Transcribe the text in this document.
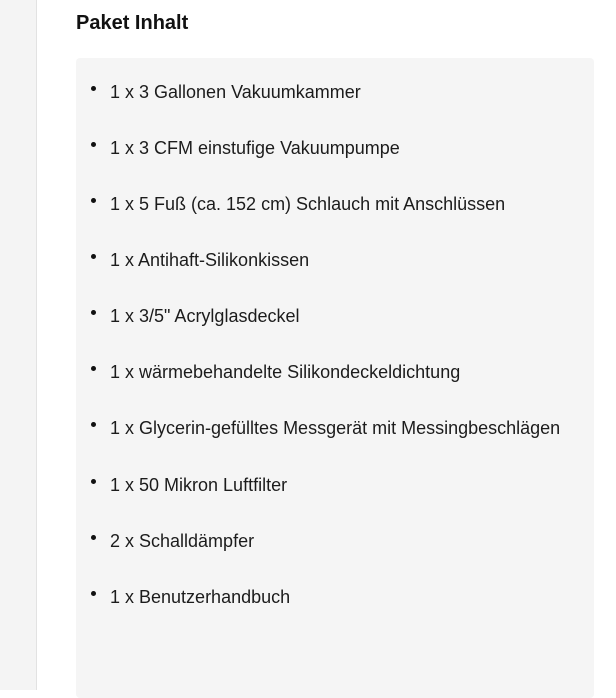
Paket Inhalt
1 x 3 Gallonen Vakuumkammer
1 x 3 CFM einstufige Vakuumpumpe
1 x 5 Fuß (ca. 152 cm) Schlauch mit Anschlüssen
1 x Antihaft-Silikonkissen
1 x 3/5" Acrylglasdeckel
1 x wärmebehandelte Silikondeckeldichtung
1 x Glycerin-gefülltes Messgerät mit Messingbeschlägen
1 x 50 Mikron Luftfilter
2 x Schalldämpfer
1 x Benutzerhandbuch
